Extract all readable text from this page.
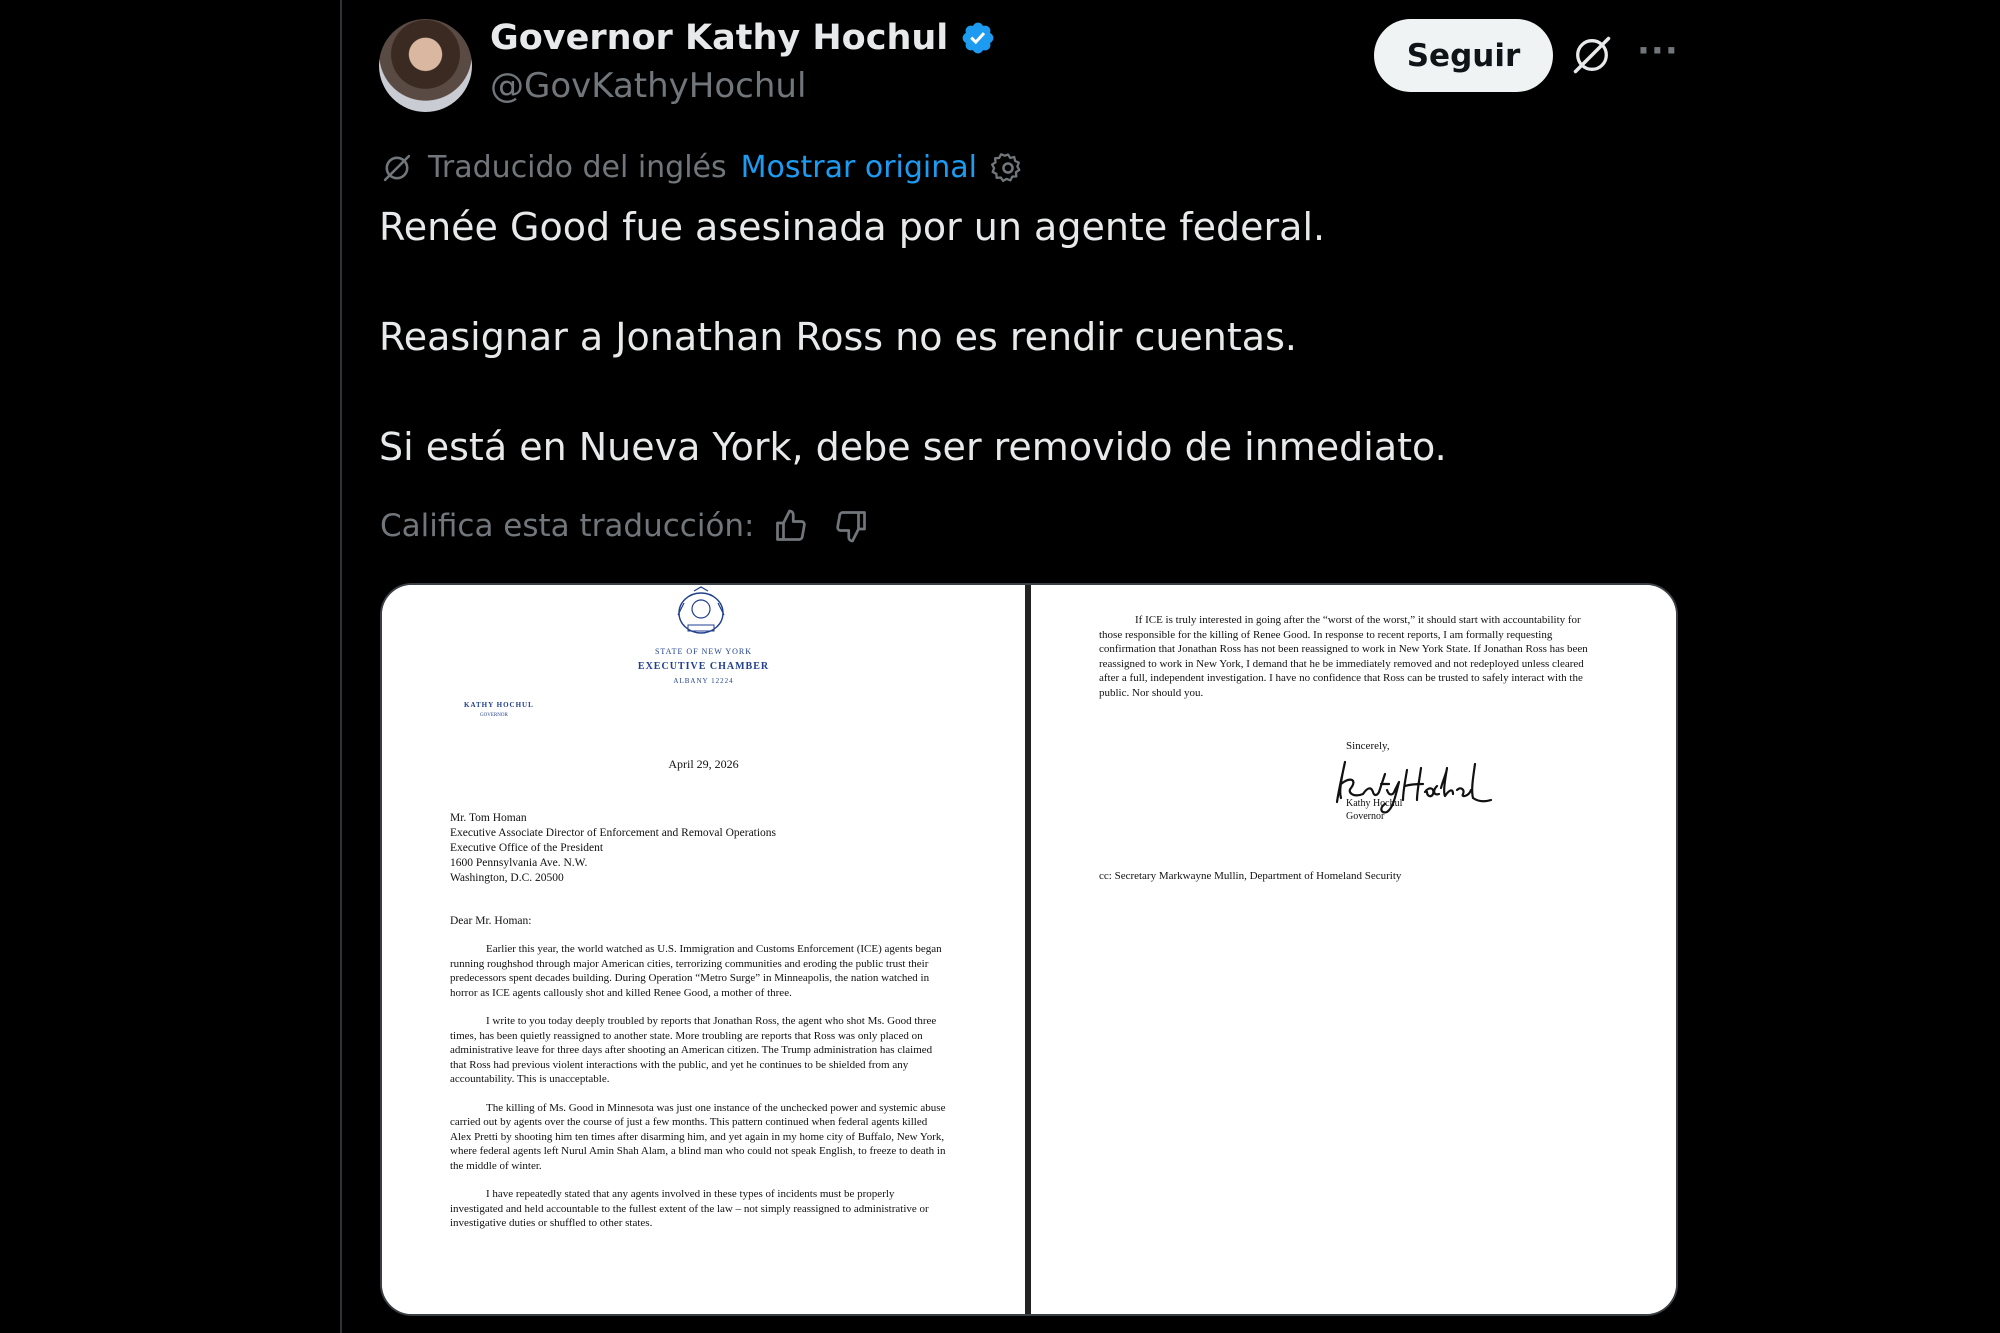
Governor Kathy Hochul
@GovKathyHochul
Seguir	···
Traducido del inglés Mostrar original

Renée Good fue asesinada por un agente federal.

Reasignar a Jonathan Ross no es rendir cuentas.

Si está en Nueva York, debe ser removido de inmediato.

Califica esta traducción:
STATE OF NEW YORK
EXECUTIVE CHAMBER
ALBANY 12224
KATHY HOCHUL
GOVERNOR
April 29, 2026
Mr. Tom Homan
Executive Associate Director of Enforcement and Removal Operations
Executive Office of the President
1600 Pennsylvania Ave. N.W.
Washington, D.C. 20500
Dear Mr. Homan:

Earlier this year, the world watched as U.S. Immigration and Customs Enforcement (ICE) agents began running roughshod through major American cities, terrorizing communities and eroding the public trust their predecessors spent decades building. During Operation “Metro Surge” in Minneapolis, the nation watched in horror as ICE agents callously shot and killed Renee Good, a mother of three.

I write to you today deeply troubled by reports that Jonathan Ross, the agent who shot Ms. Good three times, has been quietly reassigned to another state. More troubling are reports that Ross was only placed on administrative leave for three days after shooting an American citizen. The Trump administration has claimed that Ross had previous violent interactions with the public, and yet he continues to be shielded from any accountability. This is unacceptable.

The killing of Ms. Good in Minnesota was just one instance of the unchecked power and systemic abuse carried out by agents over the course of just a few months. This pattern continued when federal agents killed Alex Pretti by shooting him ten times after disarming him, and yet again in my home city of Buffalo, New York, where federal agents left Nurul Amin Shah Alam, a blind man who could not speak English, to freeze to death in the middle of winter.

I have repeatedly stated that any agents involved in these types of incidents must be properly investigated and held accountable to the fullest extent of the law – not simply reassigned to administrative or investigative duties or shuffled to other states.

If ICE is truly interested in going after the “worst of the worst,” it should start with accountability for those responsible for the killing of Renee Good. In response to recent reports, I am formally requesting confirmation that Jonathan Ross has not been reassigned to work in New York State. If Jonathan Ross has been reassigned to work in New York, I demand that he be immediately removed and not redeployed unless cleared after a full, independent investigation. I have no confidence that Ross can be trusted to safely interact with the public. Nor should you.
Sincerely,
Kathy Hochul
Governor
cc: Secretary Markwayne Mullin, Department of Homeland Security
